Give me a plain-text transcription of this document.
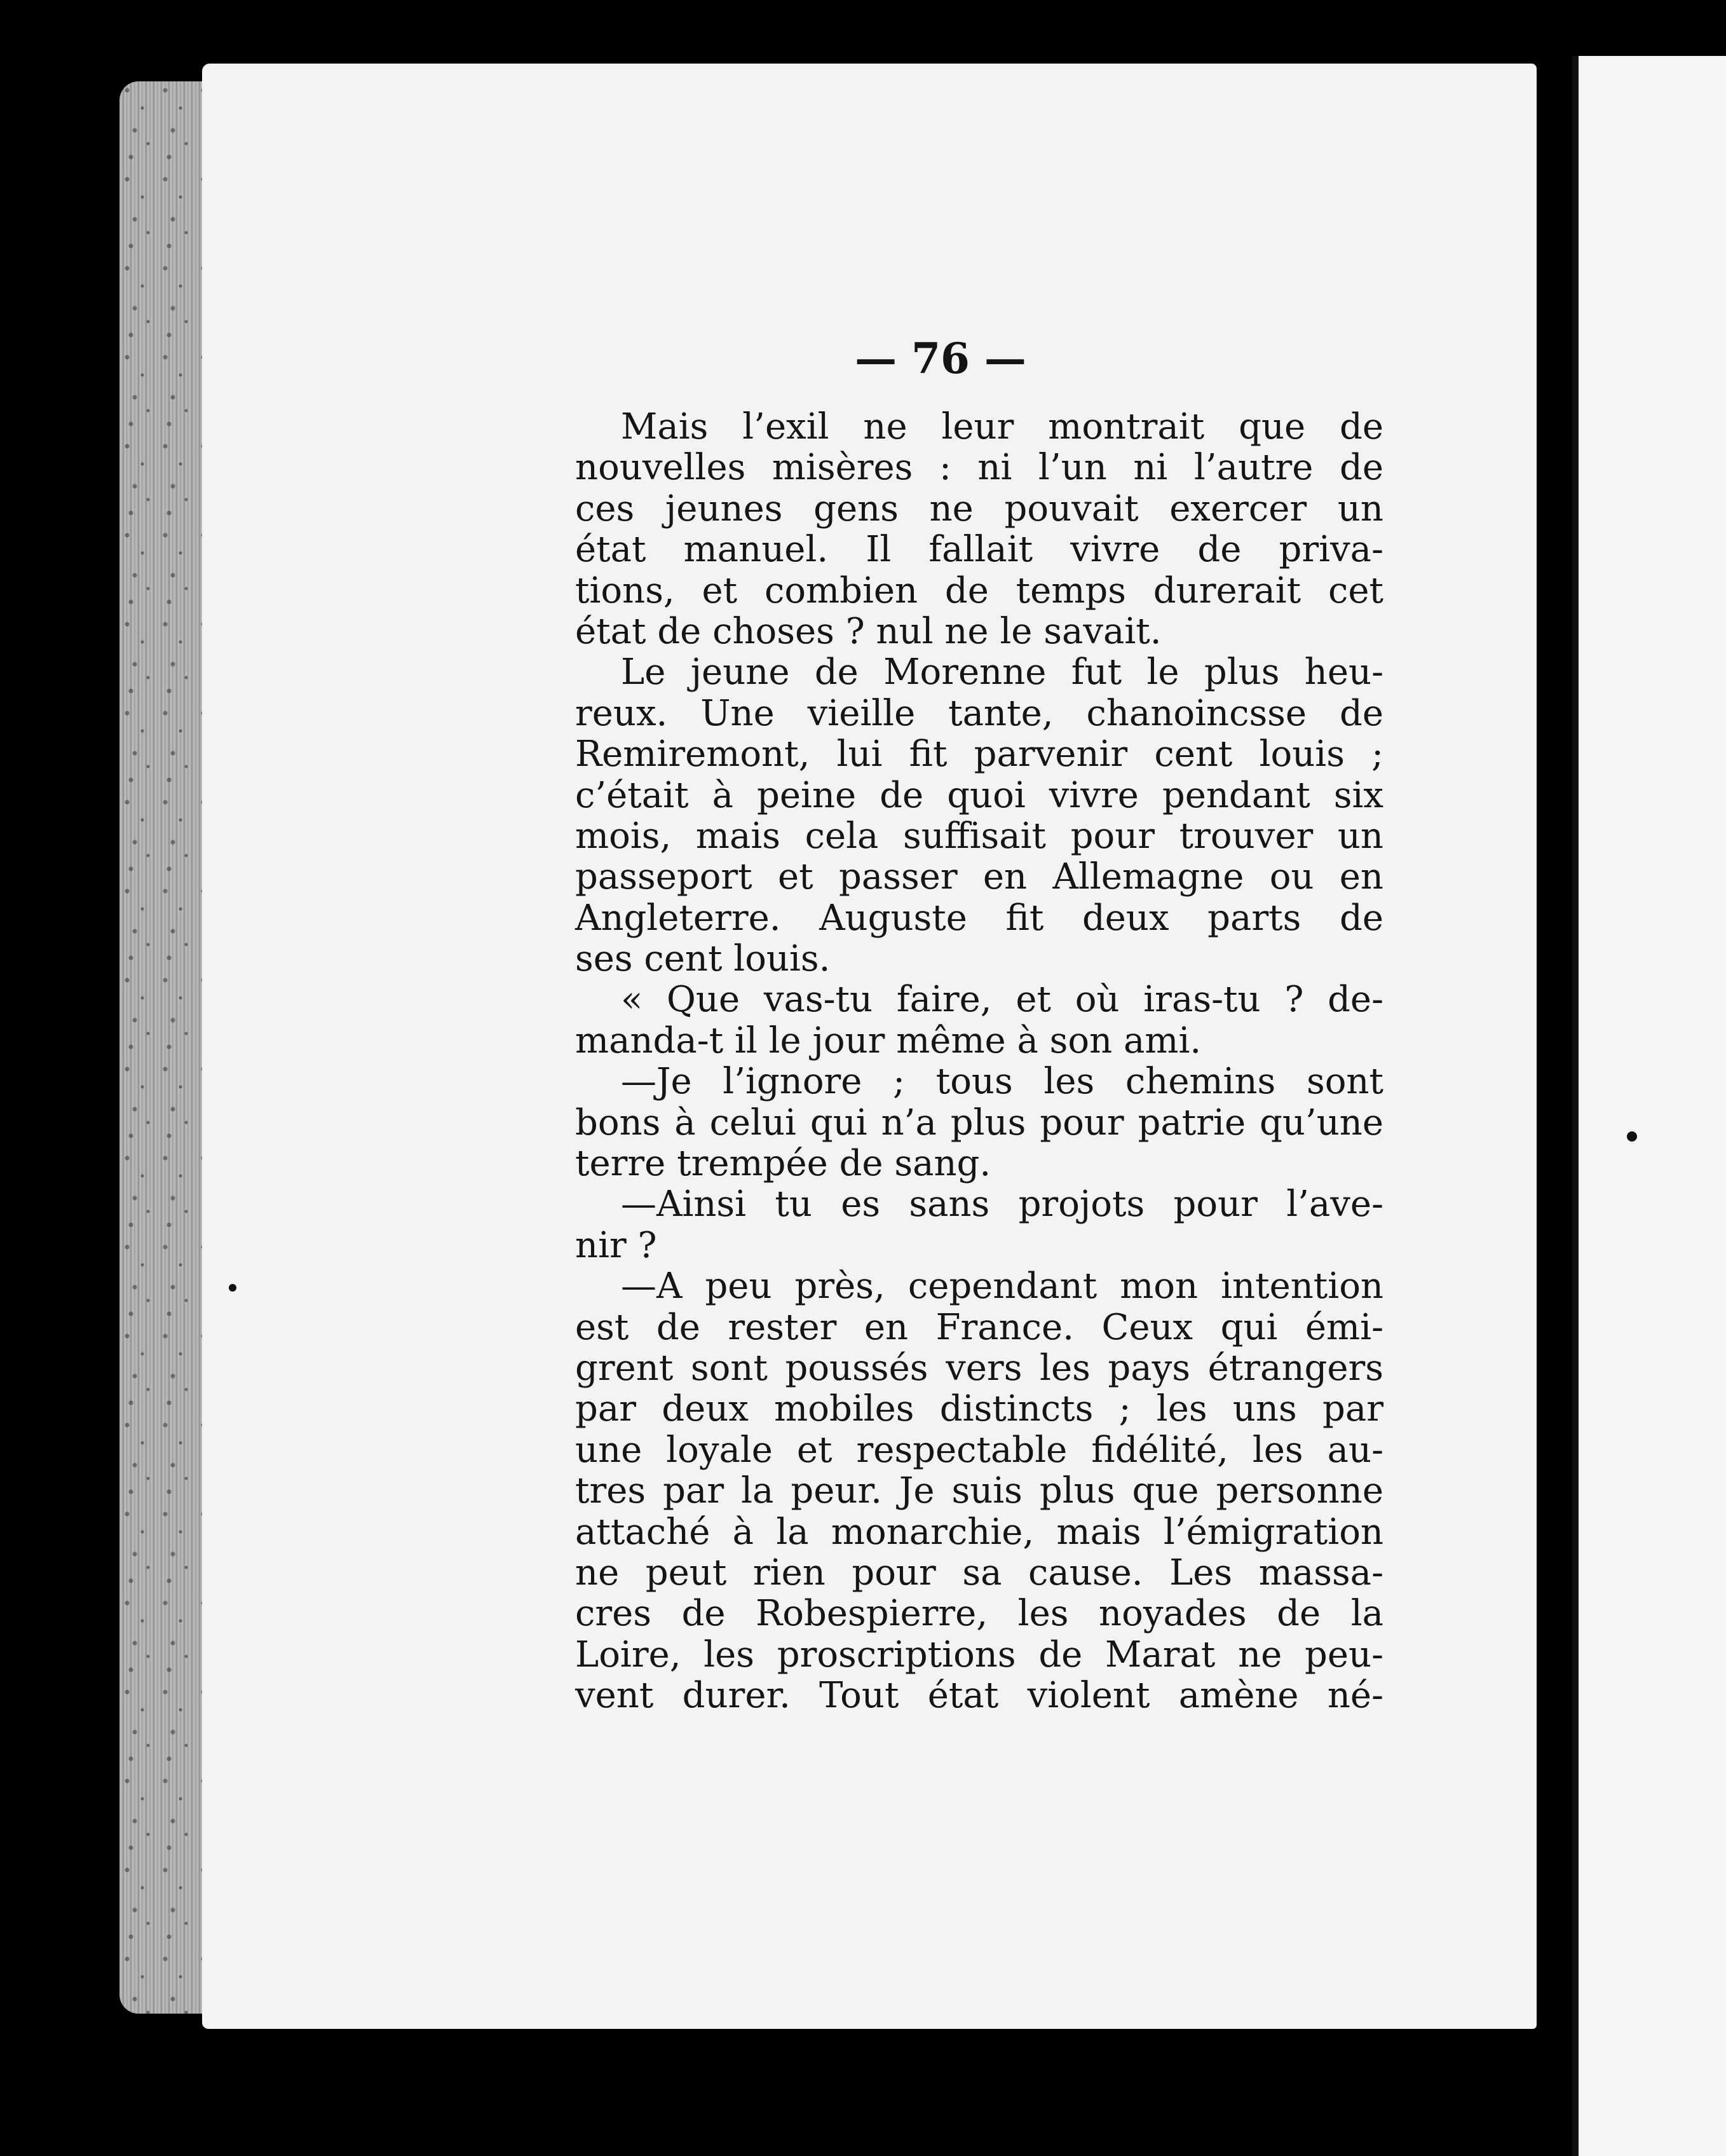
— 76 —

Mais l’exil ne leur montrait que de
nouvelles misères : ni l’un ni l’autre de
ces jeunes gens ne pouvait exercer un
état manuel. Il fallait vivre de priva-
tions, et combien de temps durerait cet
état de choses ? nul ne le savait.
Le jeune de Morenne fut le plus heu-
reux. Une vieille tante, chanoincsse de
Remiremont, lui fit parvenir cent louis ;
c’était à peine de quoi vivre pendant six
mois, mais cela suffisait pour trouver un
passeport et passer en Allemagne ou en
Angleterre. Auguste fit deux parts de
ses cent louis.
« Que vas-tu faire, et où iras-tu ? de-
manda-t il le jour même à son ami.
—Je l’ignore ; tous les chemins sont
bons à celui qui n’a plus pour patrie qu’une
terre trempée de sang.
—Ainsi tu es sans projots pour l’ave-
nir ?
—A peu près, cependant mon intention
est de rester en France. Ceux qui émi-
grent sont poussés vers les pays étrangers
par deux mobiles distincts ; les uns par
une loyale et respectable fidélité, les au-
tres par la peur. Je suis plus que personne
attaché à la monarchie, mais l’émigration
ne peut rien pour sa cause. Les massa-
cres de Robespierre, les noyades de la
Loire, les proscriptions de Marat ne peu-
vent durer. Tout état violent amène né-
